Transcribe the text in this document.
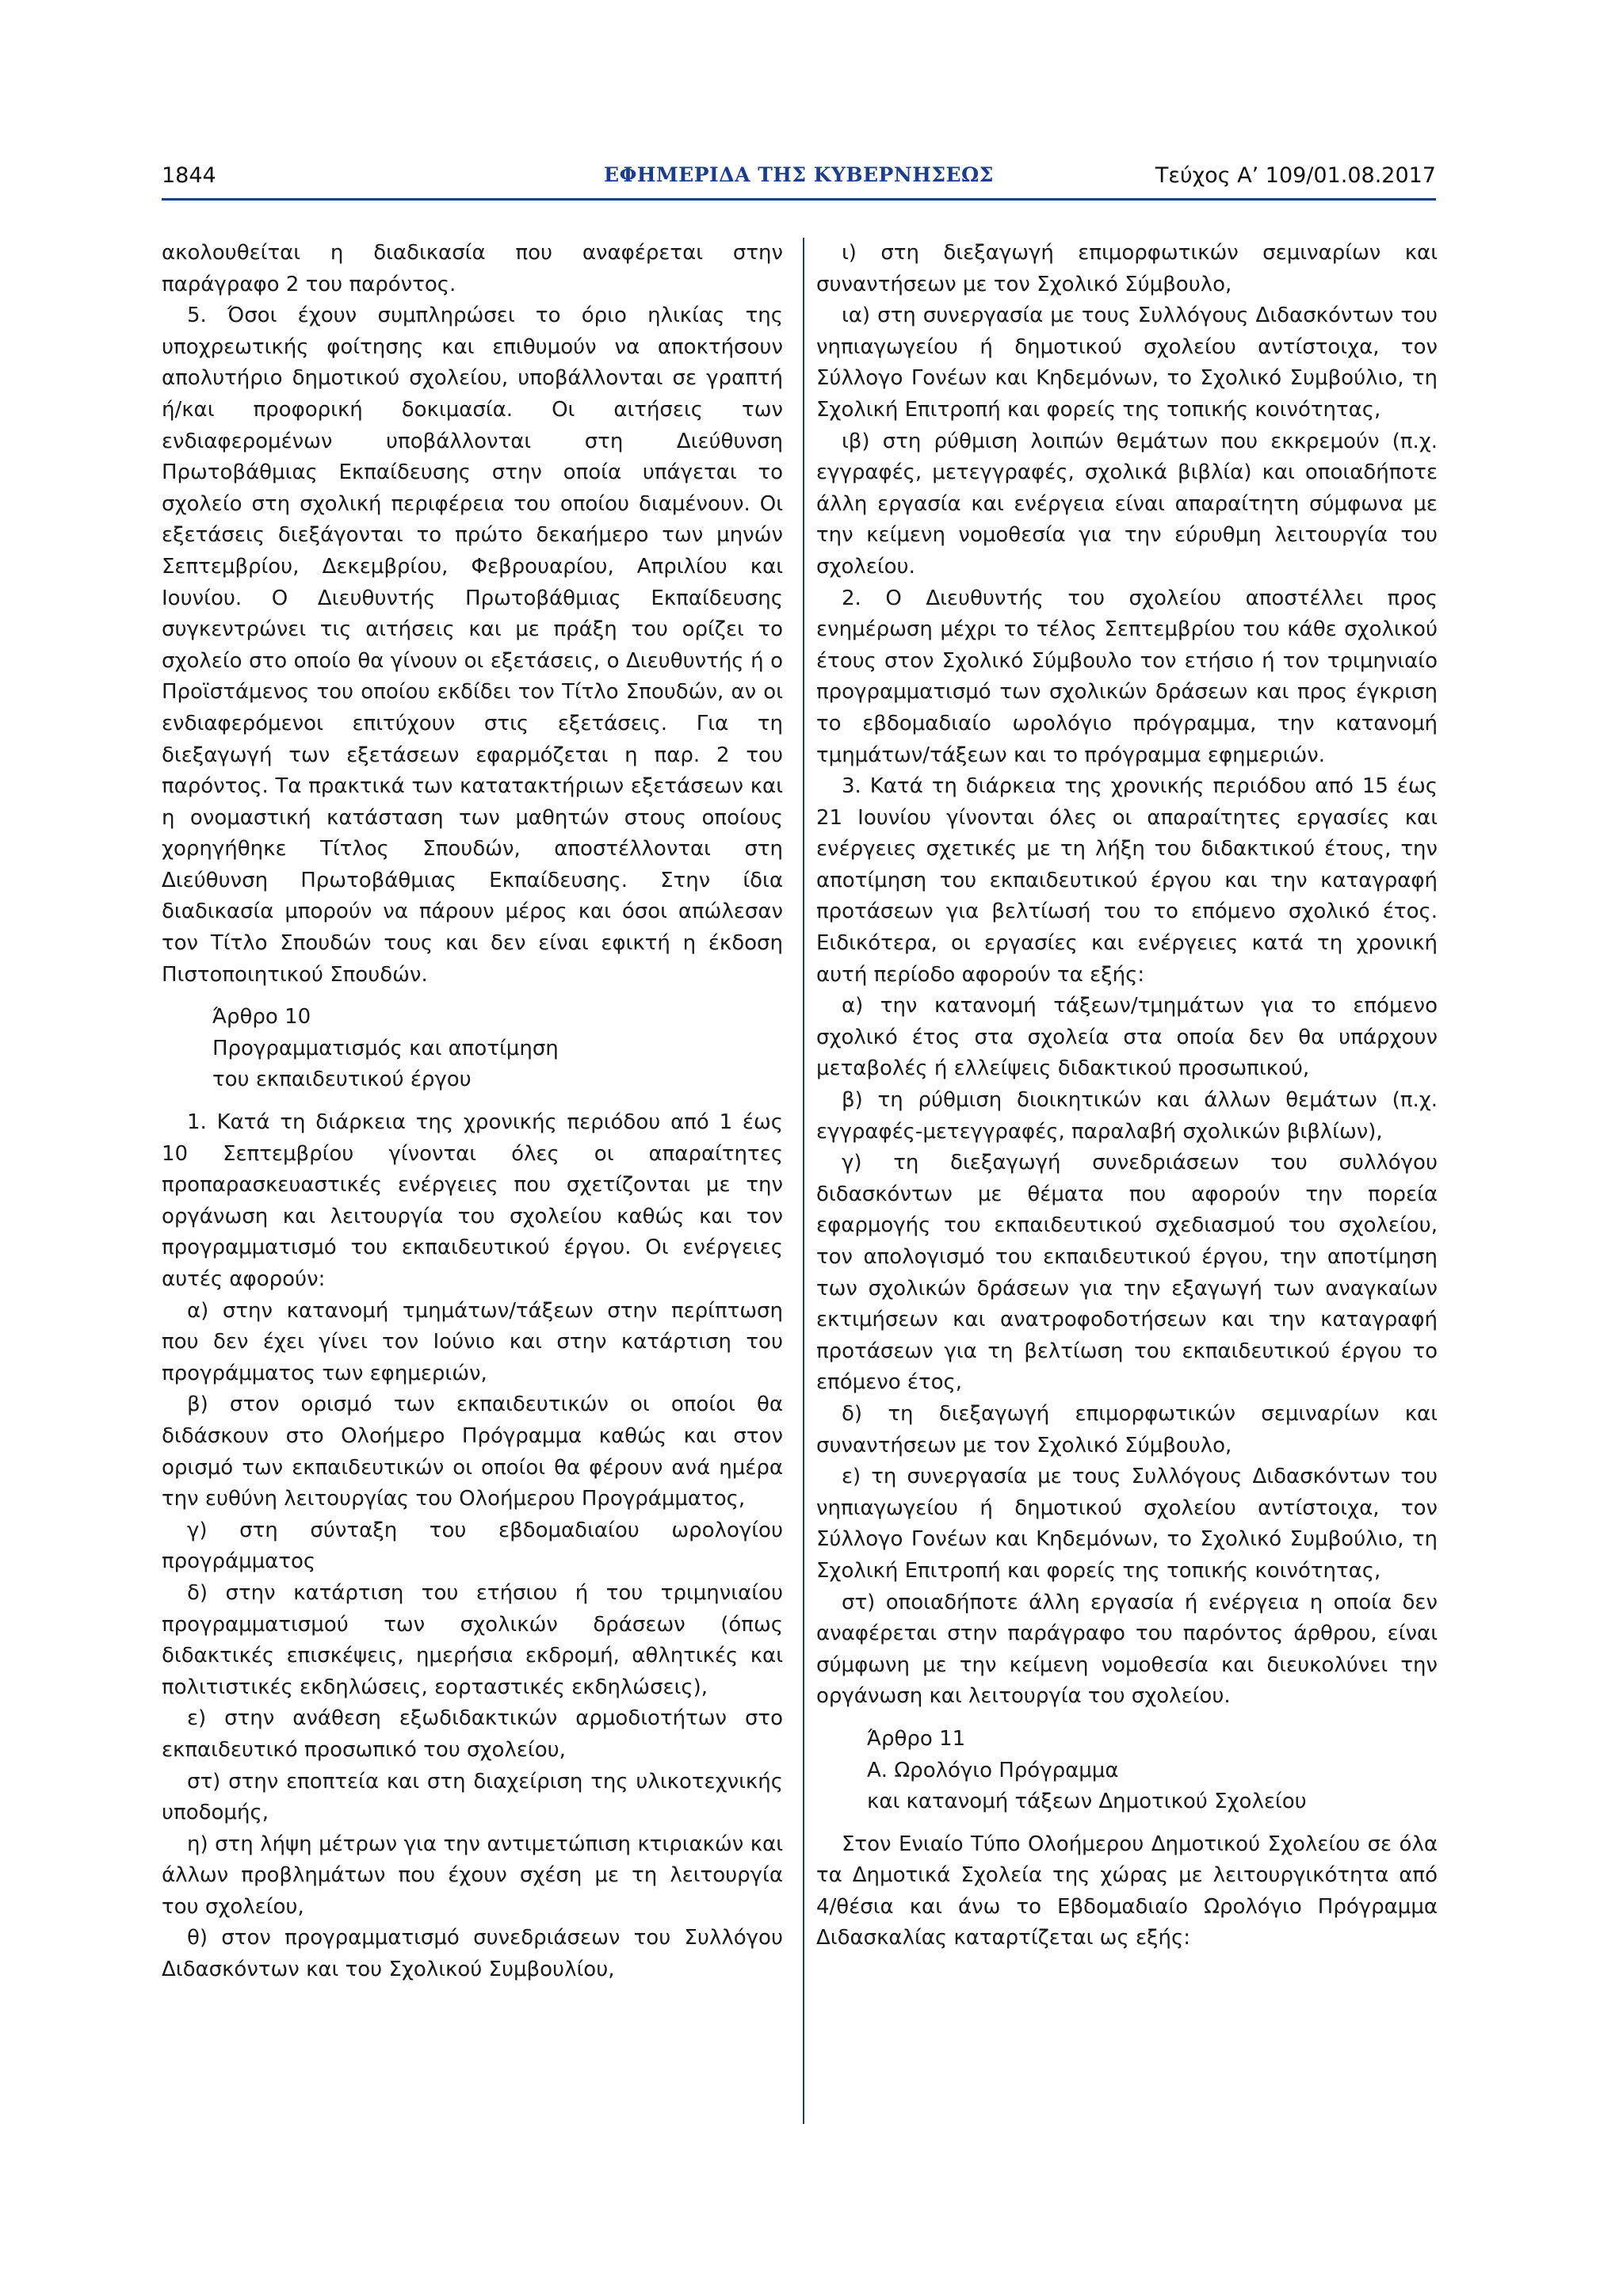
1844	ΕΦΗΜΕΡΙΔΑ ΤΗΣ ΚΥΒΕΡΝΗΣΕΩΣ	Τεύχος Α’ 109/01.08.2017

ακολουθείται η διαδικασία που αναφέρεται στην παράγραφο 2 του παρόντος.

5. Όσοι έχουν συμπληρώσει το όριο ηλικίας της υποχρεωτικής φοίτησης και επιθυμούν να αποκτήσουν απολυτήριο δημοτικού σχολείου, υποβάλλονται σε γραπτή ή/και προφορική δοκιμασία. Οι αιτήσεις των ενδιαφερομένων υποβάλλονται στη Διεύθυνση Πρωτοβάθμιας Εκπαίδευσης στην οποία υπάγεται το σχολείο στη σχολική περιφέρεια του οποίου διαμένουν. Οι εξετάσεις διεξάγονται το πρώτο δεκαήμερο των μηνών Σεπτεμβρίου, Δεκεμβρίου, Φεβρουαρίου, Απριλίου και Ιουνίου. Ο Διευθυντής Πρωτοβάθμιας Εκπαίδευσης συγκεντρώνει τις αιτήσεις και με πράξη του ορίζει το σχολείο στο οποίο θα γίνουν οι εξετάσεις, ο Διευθυντής ή ο Προϊστάμενος του οποίου εκδίδει τον Τίτλο Σπουδών, αν οι ενδιαφερόμενοι επιτύχουν στις εξετάσεις. Για τη διεξαγωγή των εξετάσεων εφαρμόζεται η παρ. 2 του παρόντος. Τα πρακτικά των κατατακτήριων εξετάσεων και η ονομαστική κατάσταση των μαθητών στους οποίους χορηγήθηκε Τίτλος Σπουδών, αποστέλλονται στη Διεύθυνση Πρωτοβάθμιας Εκπαίδευσης. Στην ίδια διαδικασία μπορούν να πάρουν μέρος και όσοι απώλεσαν τον Τίτλο Σπουδών τους και δεν είναι εφικτή η έκδοση Πιστοποιητικού Σπουδών.

Άρθρο 10
Προγραμματισμός και αποτίμηση
του εκπαιδευτικού έργου

1. Κατά τη διάρκεια της χρονικής περιόδου από 1 έως 10 Σεπτεμβρίου γίνονται όλες οι απαραίτητες προπαρασκευαστικές ενέργειες που σχετίζονται με την οργάνωση και λειτουργία του σχολείου καθώς και τον προγραμματισμό του εκπαιδευτικού έργου. Οι ενέργειες αυτές αφορούν:

α) στην κατανομή τμημάτων/τάξεων στην περίπτωση που δεν έχει γίνει τον Ιούνιο και στην κατάρτιση του προγράμματος των εφημεριών,

β) στον ορισμό των εκπαιδευτικών οι οποίοι θα διδάσκουν στο Ολοήμερο Πρόγραμμα καθώς και στον ορισμό των εκπαιδευτικών οι οποίοι θα φέρουν ανά ημέρα την ευθύνη λειτουργίας του Ολοήμερου Προγράμματος,

γ) στη σύνταξη του εβδομαδιαίου ωρολογίου προγράμματος

δ) στην κατάρτιση του ετήσιου ή του τριμηνιαίου προγραμματισμού των σχολικών δράσεων (όπως διδακτικές επισκέψεις, ημερήσια εκδρομή, αθλητικές και πολιτιστικές εκδηλώσεις, εορταστικές εκδηλώσεις),

ε) στην ανάθεση εξωδιδακτικών αρμοδιοτήτων στο εκπαιδευτικό προσωπικό του σχολείου,

στ) στην εποπτεία και στη διαχείριση της υλικοτεχνικής υποδομής,

η) στη λήψη μέτρων για την αντιμετώπιση κτιριακών και άλλων προβλημάτων που έχουν σχέση με τη λειτουργία του σχολείου,

θ) στον προγραμματισμό συνεδριάσεων του Συλλόγου Διδασκόντων και του Σχολικού Συμβουλίου,

ι) στη διεξαγωγή επιμορφωτικών σεμιναρίων και συναντήσεων με τον Σχολικό Σύμβουλο,

ια) στη συνεργασία με τους Συλλόγους Διδασκόντων του νηπιαγωγείου ή δημοτικού σχολείου αντίστοιχα, τον Σύλλογο Γονέων και Κηδεμόνων, το Σχολικό Συμβούλιο, τη Σχολική Επιτροπή και φορείς της τοπικής κοινότητας,

ιβ) στη ρύθμιση λοιπών θεμάτων που εκκρεμούν (π.χ. εγγραφές, μετεγγραφές, σχολικά βιβλία) και οποιαδήποτε άλλη εργασία και ενέργεια είναι απαραίτητη σύμφωνα με την κείμενη νομοθεσία για την εύρυθμη λειτουργία του σχολείου.

2. Ο Διευθυντής του σχολείου αποστέλλει προς ενημέρωση μέχρι το τέλος Σεπτεμβρίου του κάθε σχολικού έτους στον Σχολικό Σύμβουλο τον ετήσιο ή τον τριμηνιαίο προγραμματισμό των σχολικών δράσεων και προς έγκριση το εβδομαδιαίο ωρολόγιο πρόγραμμα, την κατανομή τμημάτων/τάξεων και το πρόγραμμα εφημεριών.

3. Κατά τη διάρκεια της χρονικής περιόδου από 15 έως 21 Ιουνίου γίνονται όλες οι απαραίτητες εργασίες και ενέργειες σχετικές με τη λήξη του διδακτικού έτους, την αποτίμηση του εκπαιδευτικού έργου και την καταγραφή προτάσεων για βελτίωσή του το επόμενο σχολικό έτος. Ειδικότερα, οι εργασίες και ενέργειες κατά τη χρονική αυτή περίοδο αφορούν τα εξής:

α) την κατανομή τάξεων/τμημάτων για το επόμενο σχολικό έτος στα σχολεία στα οποία δεν θα υπάρχουν μεταβολές ή ελλείψεις διδακτικού προσωπικού,

β) τη ρύθμιση διοικητικών και άλλων θεμάτων (π.χ. εγγραφές-μετεγγραφές, παραλαβή σχολικών βιβλίων),

γ) τη διεξαγωγή συνεδριάσεων του συλλόγου διδασκόντων με θέματα που αφορούν την πορεία εφαρμογής του εκπαιδευτικού σχεδιασμού του σχολείου, τον απολογισμό του εκπαιδευτικού έργου, την αποτίμηση των σχολικών δράσεων για την εξαγωγή των αναγκαίων εκτιμήσεων και ανατροφοδοτήσεων και την καταγραφή προτάσεων για τη βελτίωση του εκπαιδευτικού έργου το επόμενο έτος,

δ) τη διεξαγωγή επιμορφωτικών σεμιναρίων και συναντήσεων με τον Σχολικό Σύμβουλο,

ε) τη συνεργασία με τους Συλλόγους Διδασκόντων του νηπιαγωγείου ή δημοτικού σχολείου αντίστοιχα, τον Σύλλογο Γονέων και Κηδεμόνων, το Σχολικό Συμβούλιο, τη Σχολική Επιτροπή και φορείς της τοπικής κοινότητας,

στ) οποιαδήποτε άλλη εργασία ή ενέργεια η οποία δεν αναφέρεται στην παράγραφο του παρόντος άρθρου, είναι σύμφωνη με την κείμενη νομοθεσία και διευκολύνει την οργάνωση και λειτουργία του σχολείου.

Άρθρο 11
Α. Ωρολόγιο Πρόγραμμα
και κατανομή τάξεων Δημοτικού Σχολείου

Στον Ενιαίο Τύπο Ολοήμερου Δημοτικού Σχολείου σε όλα τα Δημοτικά Σχολεία της χώρας με λειτουργικότητα από 4/θέσια και άνω το Εβδομαδιαίο Ωρολόγιο Πρόγραμμα Διδασκαλίας καταρτίζεται ως εξής:
